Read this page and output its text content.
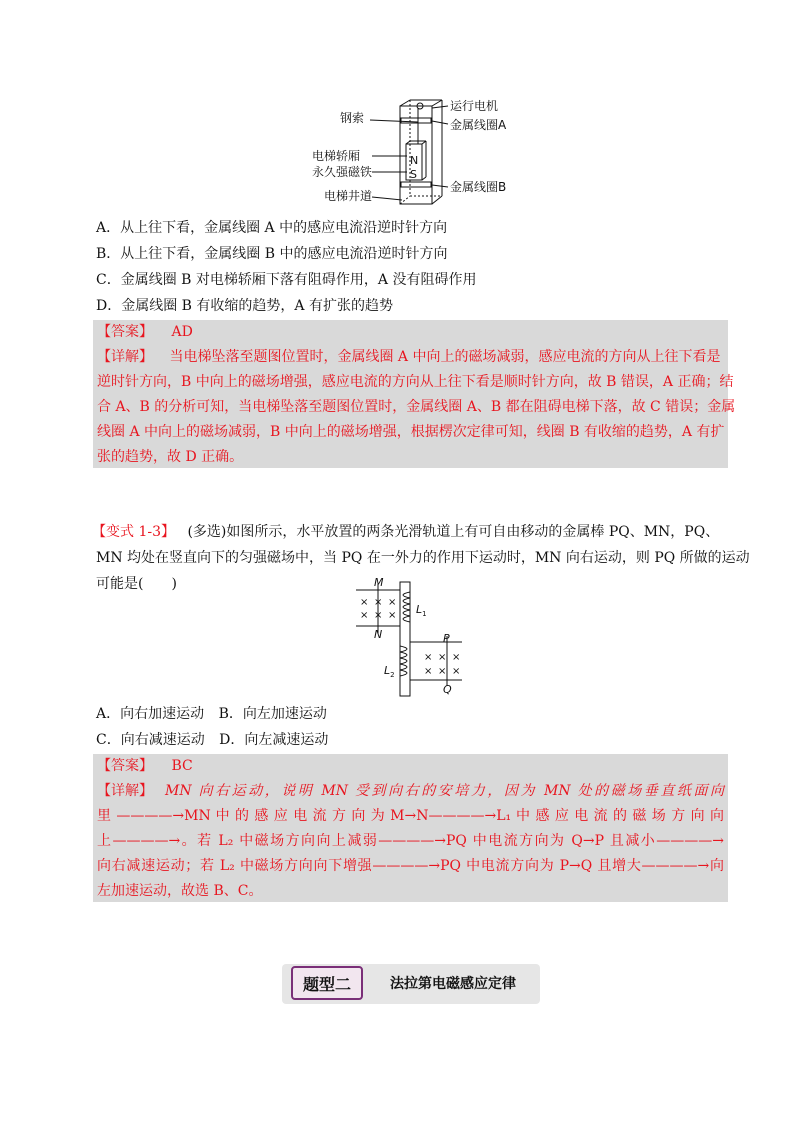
运行电机
钢索	金属线圈A
电梯轿厢
永久强磁铁
金属线圈B
电梯井道
N
S
A．从上往下看，金属线圈 A 中的感应电流沿逆时针方向
B．从上往下看，金属线圈 B 中的感应电流沿逆时针方向
C．金属线圈 B 对电梯轿厢下落有阻碍作用，A 没有阻碍作用
D．金属线圈 B 有收缩的趋势，A 有扩张的趋势
【答案】 AD
【详解】 当电梯坠落至题图位置时，金属线圈 A 中向上的磁场减弱，感应电流的方向从上往下看是
逆时针方向，B 中向上的磁场增强，感应电流的方向从上往下看是顺时针方向，故 B 错误，A 正确；结
合 A、B 的分析可知，当电梯坠落至题图位置时，金属线圈 A、B 都在阻碍电梯下落，故 C 错误；金属
线圈 A 中向上的磁场减弱，B 中向上的磁场增强，根据楞次定律可知，线圈 B 有收缩的趋势，A 有扩
张的趋势，故 D 正确。
【变式 1-3】 (多选)如图所示，水平放置的两条光滑轨道上有可自由移动的金属棒 PQ、MN，PQ、
MN 均处在竖直向下的匀强磁场中，当 PQ 在一外力的作用下运动时，MN 向右运动，则 PQ 所做的运动
可能是(　　)
× × ×
× × ×
× × ×
× × ×
M
N	P
Q
$L_1$
$L_2$
A．向右加速运动 B．向左加速运动
C．向右减速运动 D．向左减速运动
【答案】 BC
【详解】 MN 向右运动，说明 MN 受到向右的安培力，因为 MN 处的磁场垂直纸面向
里 ————→MN 中 的 感 应 电 流 方 向 为 M→N————→L₁ 中 感 应 电 流 的 磁 场 方 向 向
上————→。若 L₂ 中磁场方向向上减弱————→PQ 中电流方向为 Q→P 且减小————→
向右减速运动；若 L₂ 中磁场方向向下增强————→PQ 中电流方向为 P→Q 且增大————→向
左加速运动，故选 B、C。
题型二	法拉第电磁感应定律
